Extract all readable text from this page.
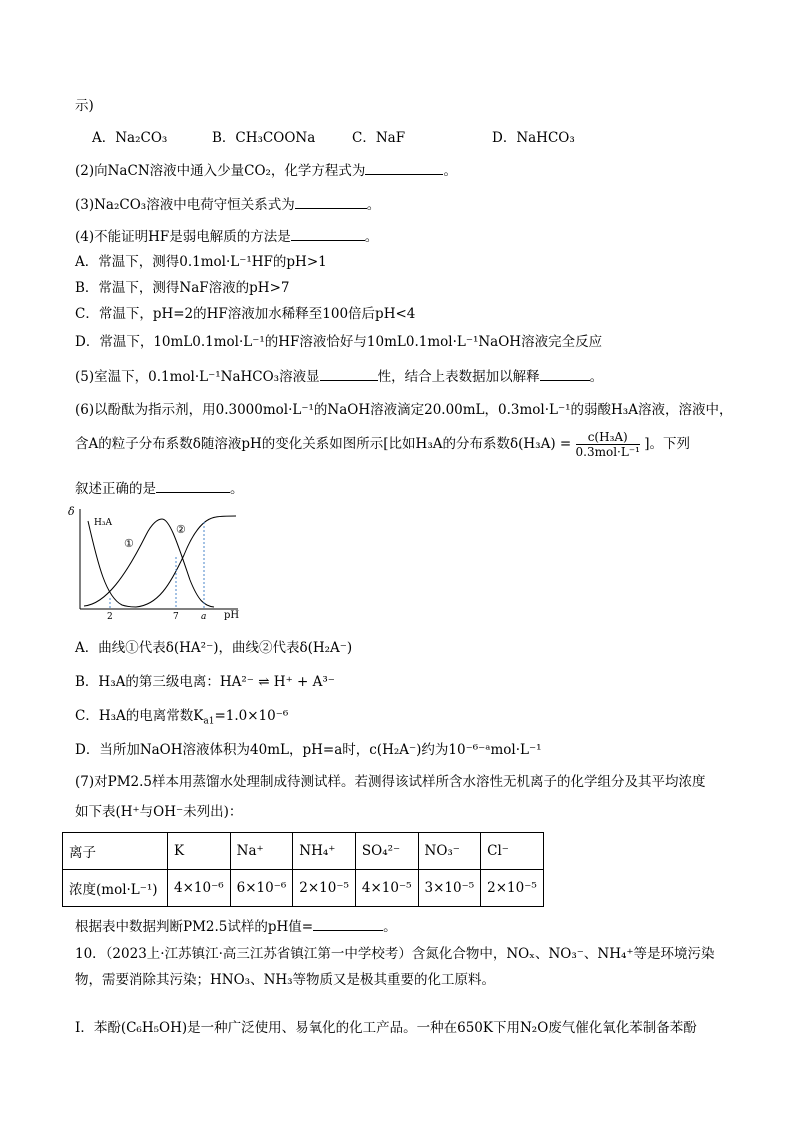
示)
A．Na₂CO₃	B．CH₃COONa	C．NaF	D．NaHCO₃
(2)向NaCN溶液中通入少量CO₂，化学方程式为	。
(3)Na₂CO₃溶液中电荷守恒关系式为	。
(4)不能证明HF是弱电解质的方法是	。
A．常温下，测得0.1mol·L⁻¹HF的pH>1
B．常温下，测得NaF溶液的pH>7
C．常温下，pH=2的HF溶液加水稀释至100倍后pH<4
D．常温下，10mL0.1mol·L⁻¹的HF溶液恰好与10mL0.1mol·L⁻¹NaOH溶液完全反应
(5)室温下，0.1mol·L⁻¹NaHCO₃溶液显	性，结合上表数据加以解释	。
(6)以酚酞为指示剂，用0.3000mol·L⁻¹的NaOH溶液滴定20.00mL，0.3mol·L⁻¹的弱酸H₃A溶液，溶液中，
含A的粒子分布系数δ随溶液pH的变化关系如图所示[比如H₃A的分布系数$\delta(H_3A) = \frac{\text{c(H₃A)}}{\text{0.3mol·L⁻¹}}$ ]。下列
叙述正确的是	。
δ
H₃A
①
②
2	7 a pH
A．曲线①代表δ(HA²⁻)，曲线②代表δ(H₂A⁻)
B．H₃A的第三级电离：HA²⁻ ⇌ H⁺ + A³⁻
C．H₃A的电离常数$K_{a1}=1.0\times 10^{-6}$
D．当所加NaOH溶液体积为40mL，pH=a时，c(H₂A⁻)约为10⁻⁶⁻ᵃmol·L⁻¹
(7)对PM2.5样本用蒸馏水处理制成待测试样。若测得该试样所含水溶性无机离子的化学组分及其平均浓度
如下表(H⁺与OH⁻未列出)：
离子	K	Na⁺	NH₄⁺	SO₄²⁻	NO₃⁻	Cl⁻
浓度(mol·L⁻¹)	4×10⁻⁶	6×10⁻⁶	2×10⁻⁵	4×10⁻⁵	3×10⁻⁵	2×10⁻⁵
根据表中数据判断PM2.5试样的pH值=	。
10．（2023上·江苏镇江·高三江苏省镇江第一中学校考）含氮化合物中，NOₓ、NO₃⁻、NH₄⁺等是环境污染
物，需要消除其污染；HNO₃、NH₃等物质又是极其重要的化工原料。
Ⅰ．苯酚(C₆H₅OH)是一种广泛使用、易氧化的化工产品。一种在650K下用N₂O废气催化氧化苯制备苯酚
